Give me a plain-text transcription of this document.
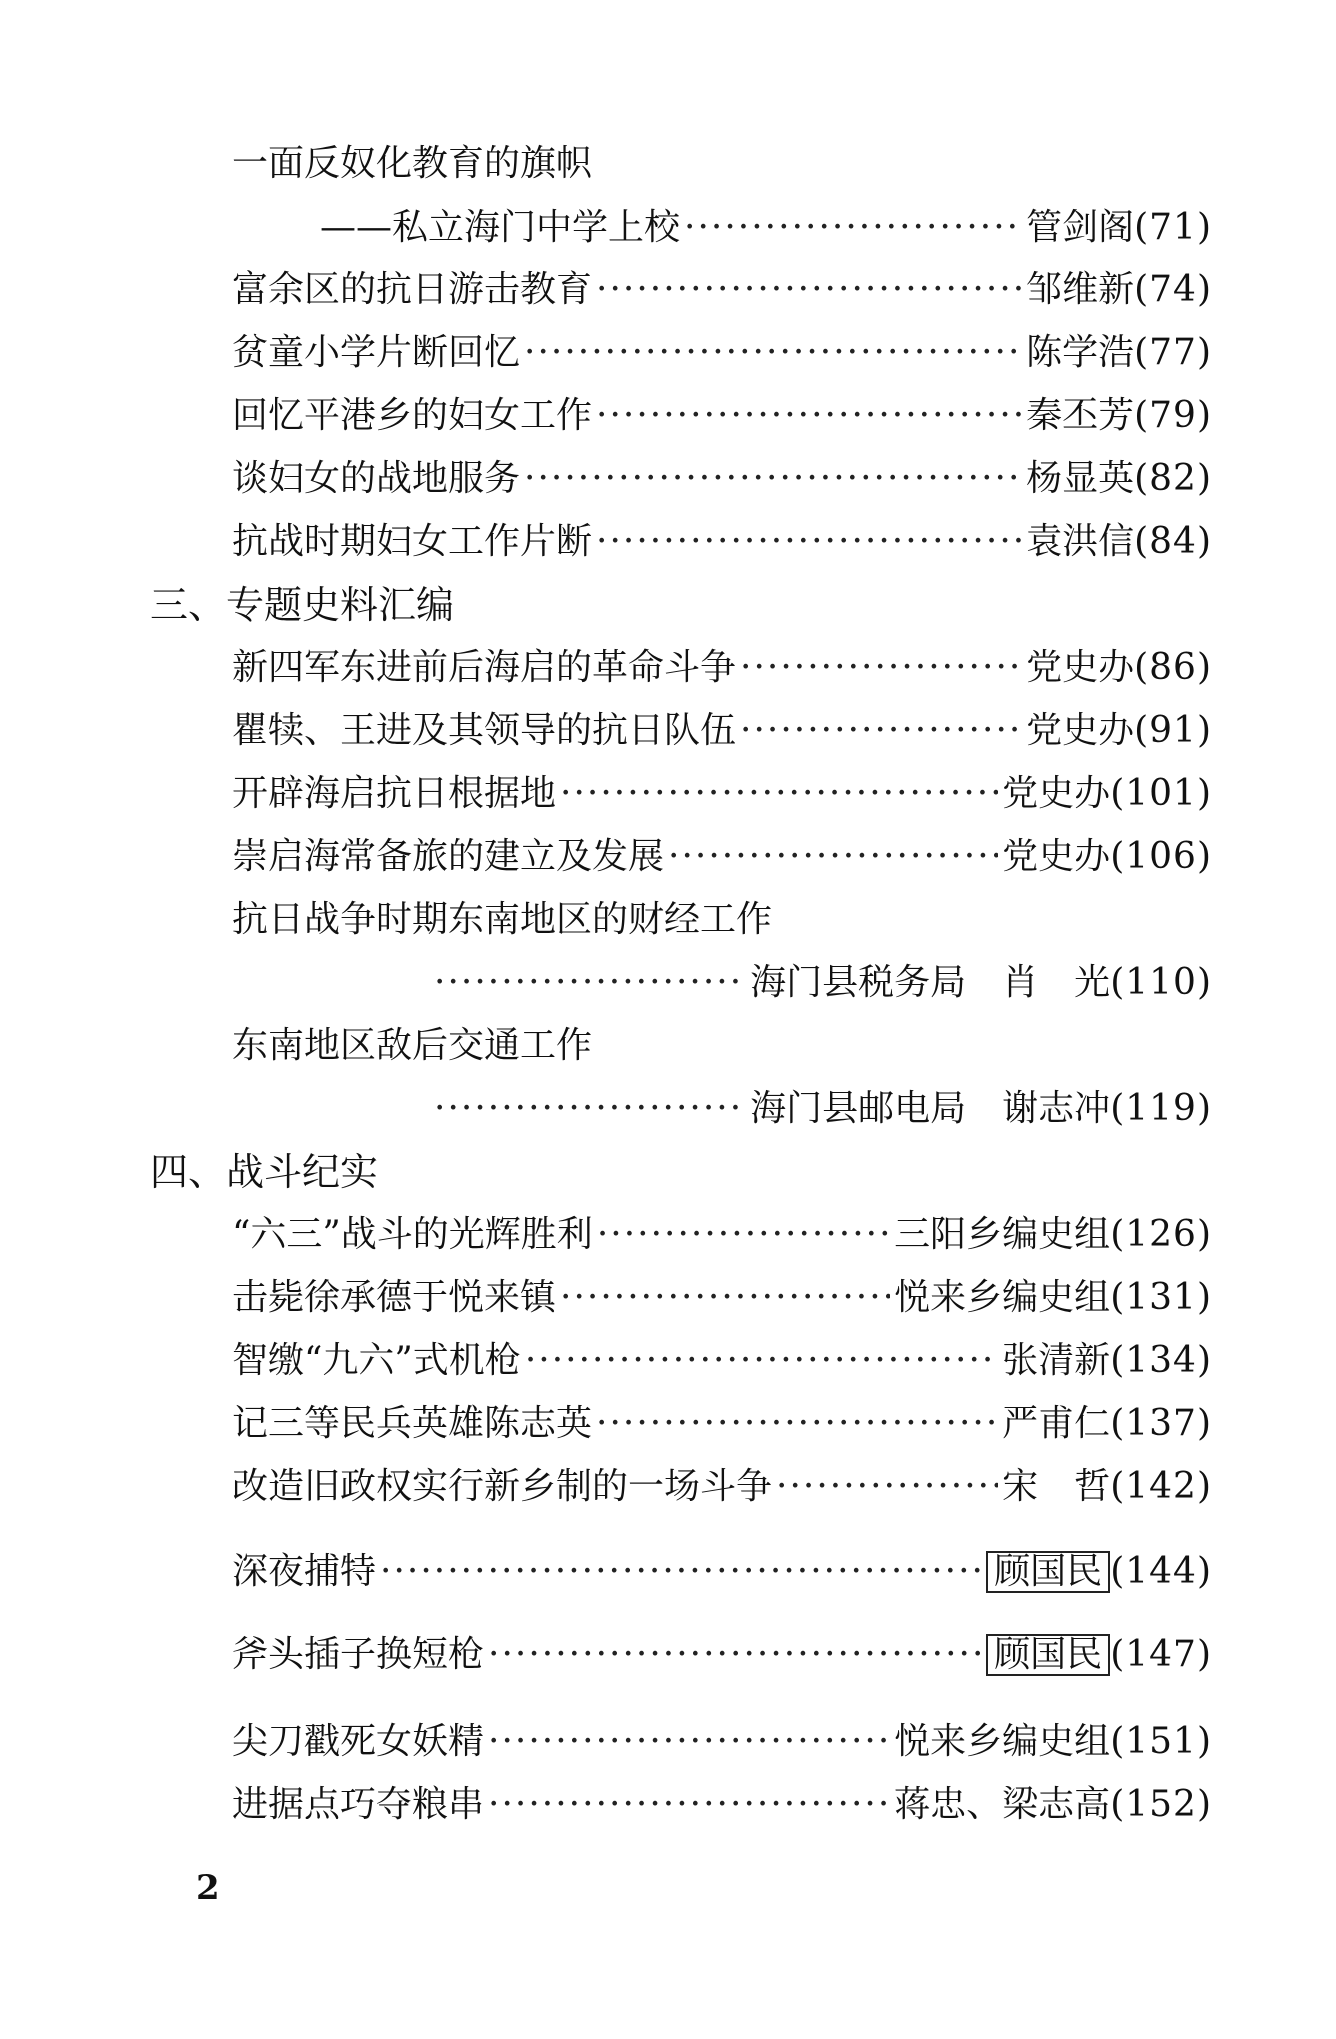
一面反奴化教育的旗帜
——私立海门中学上校 ·····	管剑阁 (71)
富余区的抗日游击教育 ·····	邹维新 (74)
贫童小学片断回忆 ·····	陈学浩 (77)
回忆平港乡的妇女工作 ·····	秦丕芳 (79)
谈妇女的战地服务 ·····	杨显英 (82)
抗战时期妇女工作片断 ·····	袁洪信 (84)
三、专题史料汇编
新四军东进前后海启的革命斗争 ·····	党史办 (86)
瞿犊、王进及其领导的抗日队伍 ·····	党史办 (91)
开辟海启抗日根据地 ·····	党史办 (101)
崇启海常备旅的建立及发展 ·····	党史办 (106)
抗日战争时期东南地区的财经工作
·····
海门县税务局　肖　光 (110)
东南地区敌后交通工作
·····
海门县邮电局　谢志冲 (119)
四、战斗纪实
“六三”战斗的光辉胜利 ·····	三阳乡编史组 (126)
击毙徐承德于悦来镇 ·····	悦来乡编史组 (131)
智缴“九六”式机枪 ·····	张清新 (134)
记三等民兵英雄陈志英 ·····	严甫仁 (137)
改造旧政权实行新乡制的一场斗争 ·····	宋　哲 (142)
深夜捕特 ·····	顾国民 (144)
斧头插子换短枪 ·····	顾国民 (147)
尖刀戳死女妖精 ·····	悦来乡编史组 (151)
进据点巧夺粮串 ·····	蒋忠、梁志高 (152)
2
